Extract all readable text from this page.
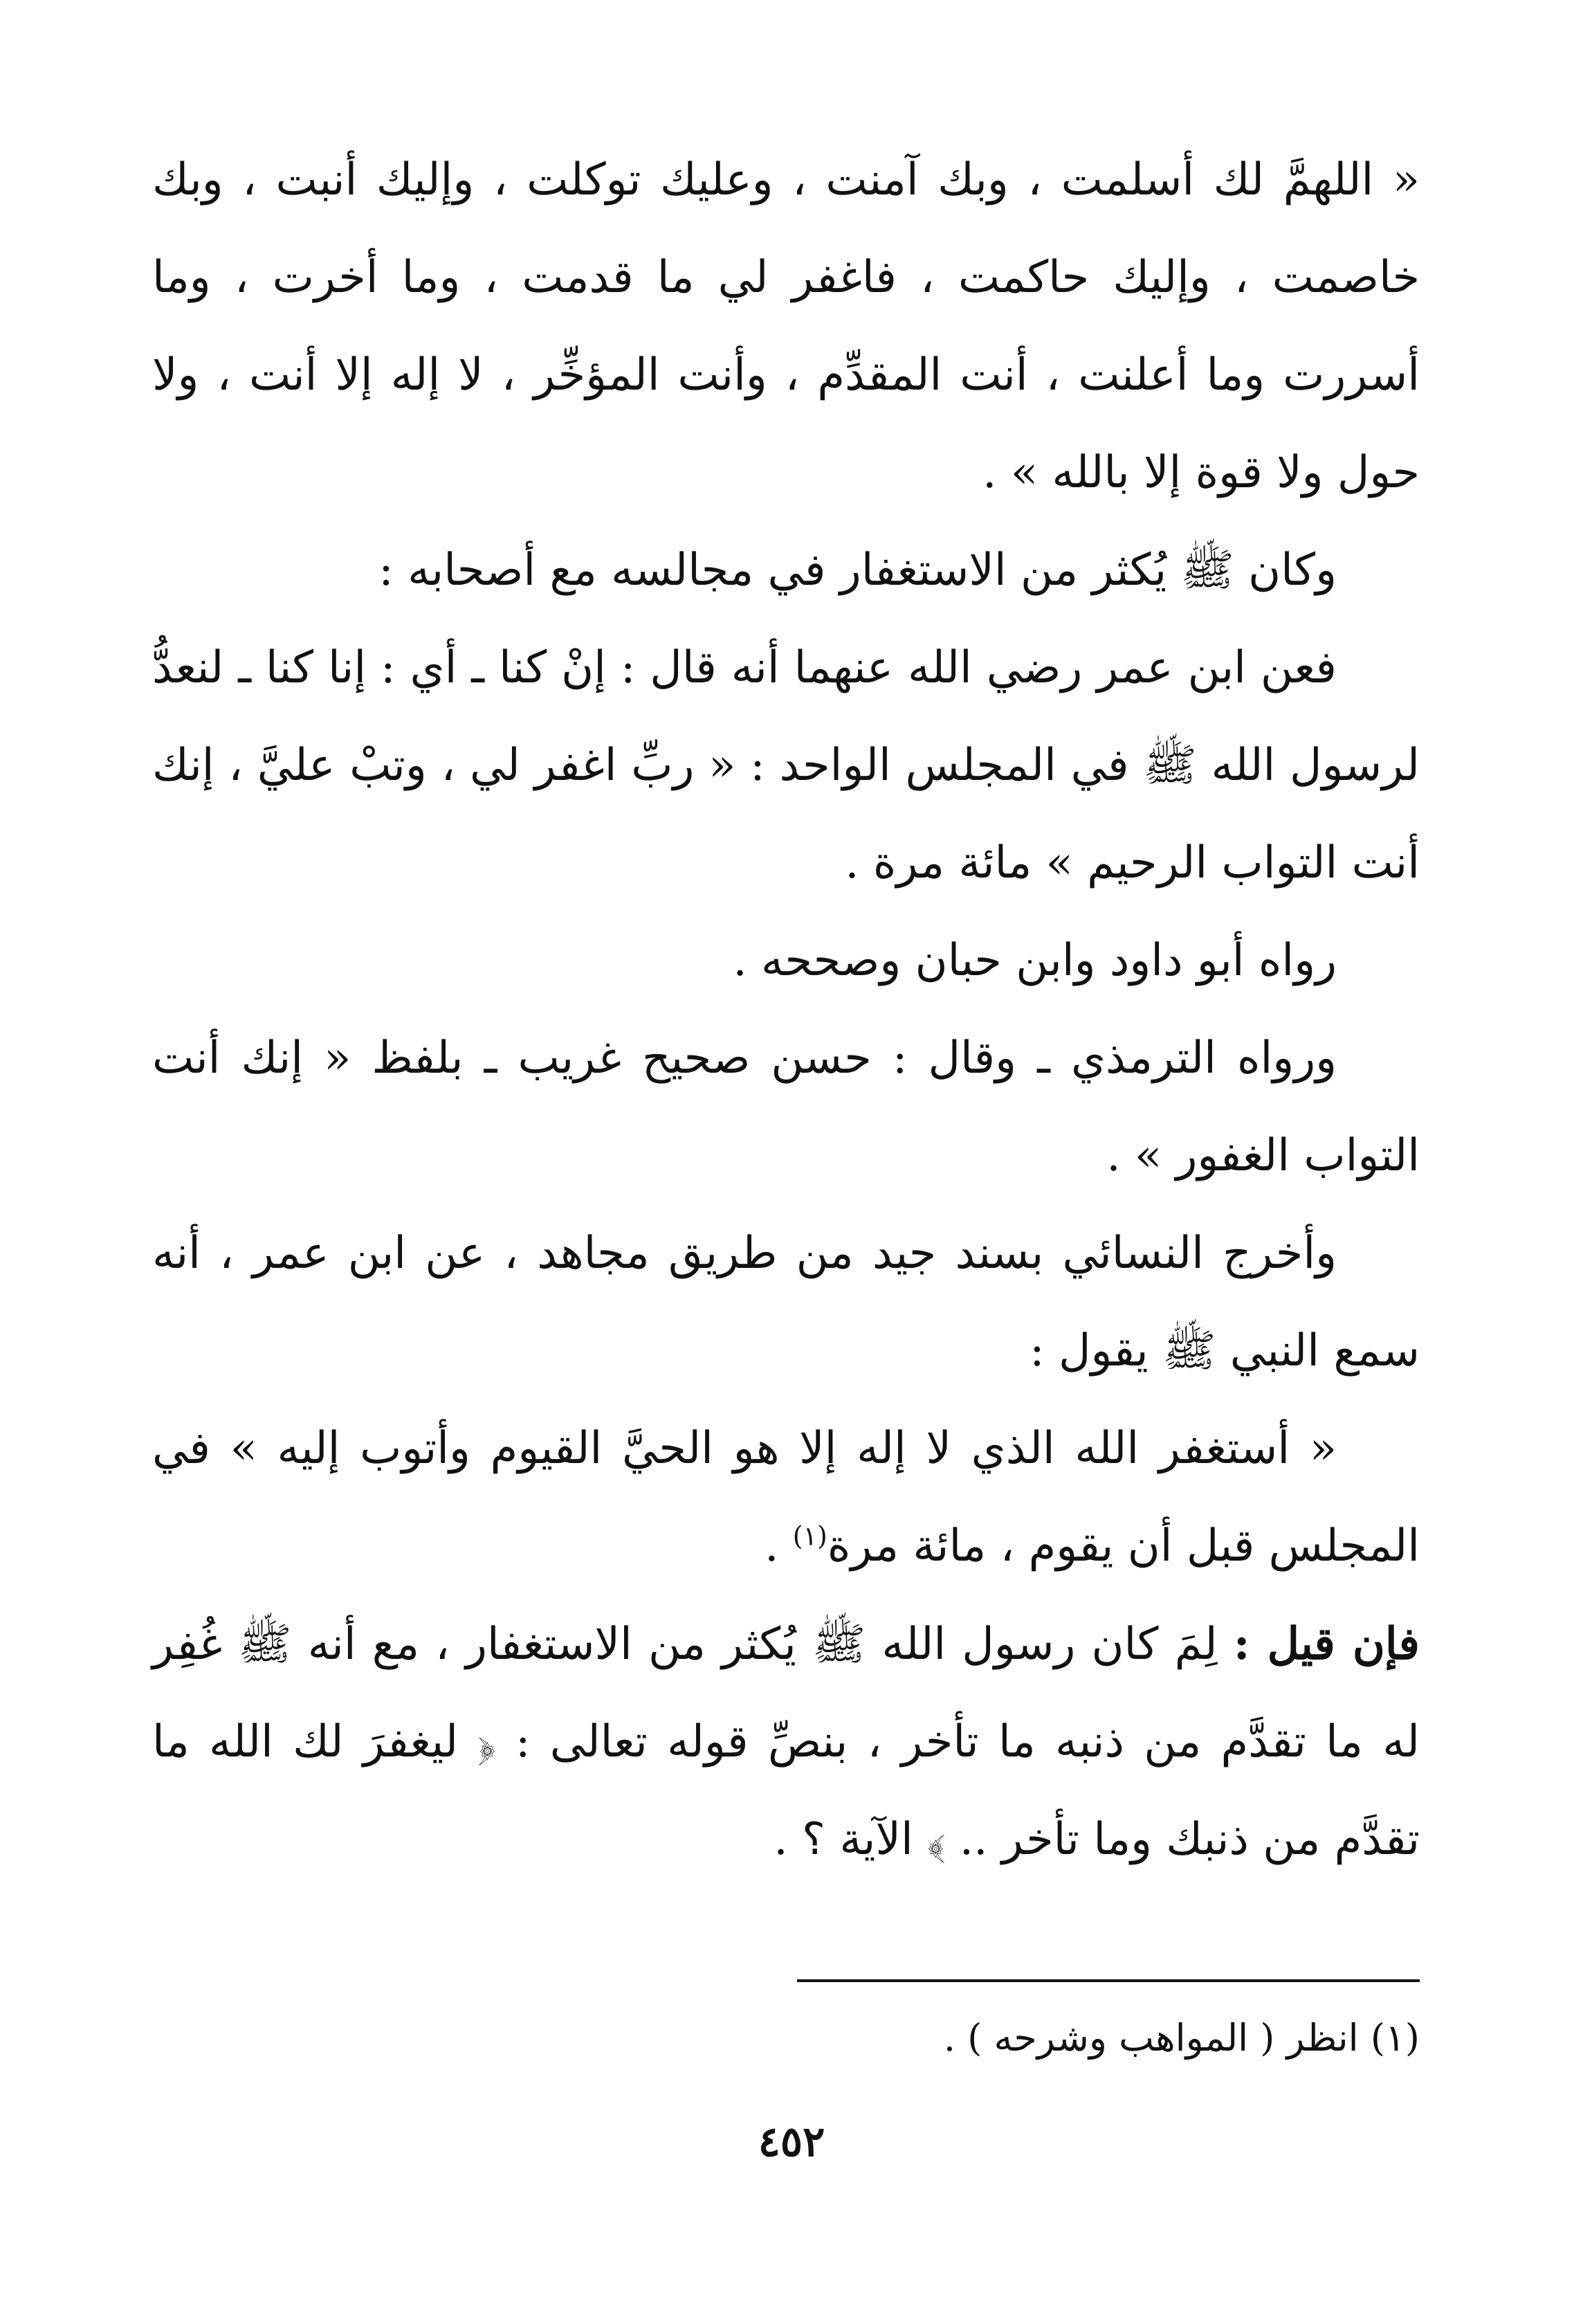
« اللهمَّ لك أسلمت ، وبك آمنت ، وعليك توكلت ، وإليك أنبت ، وبك خاصمت ، وإليك حاكمت ، فاغفر لي ما قدمت ، وما أخرت ، وما أسررت وما أعلنت ، أنت المقدِّم ، وأنت المؤخِّر ، لا إله إلا أنت ، ولا حول ولا قوة إلا بالله » .

وكان ﷺ يُكثر من الاستغفار في مجالسه مع أصحابه :

فعن ابن عمر رضي الله عنهما أنه قال : إنْ كنا ـ أي : إنا كنا ـ لنعدُّ لرسول الله ﷺ في المجلس الواحد : « ربِّ اغفر لي ، وتبْ عليَّ ، إنك أنت التواب الرحيم » مائة مرة .

رواه أبو داود وابن حبان وصححه .

ورواه الترمذي ـ وقال : حسن صحيح غريب ـ بلفظ « إنك أنت التواب الغفور » .

وأخرج النسائي بسند جيد من طريق مجاهد ، عن ابن عمر ، أنه سمع النبي ﷺ يقول :

« أستغفر الله الذي لا إله إلا هو الحيَّ القيوم وأتوب إليه » في المجلس قبل أن يقوم ، مائة مرة$^{(١)}$ .

فإن قيل : لِمَ كان رسول الله ﷺ يُكثر من الاستغفار ، مع أنه ﷺ غُفِر له ما تقدَّم من ذنبه ما تأخر ، بنصِّ قوله تعالى : ﴿ ليغفرَ لك الله ما تقدَّم من ذنبك وما تأخر .. ﴾ الآية ؟ .

(١) انظر ( المواهب وشرحه ) .
٤٥٢
